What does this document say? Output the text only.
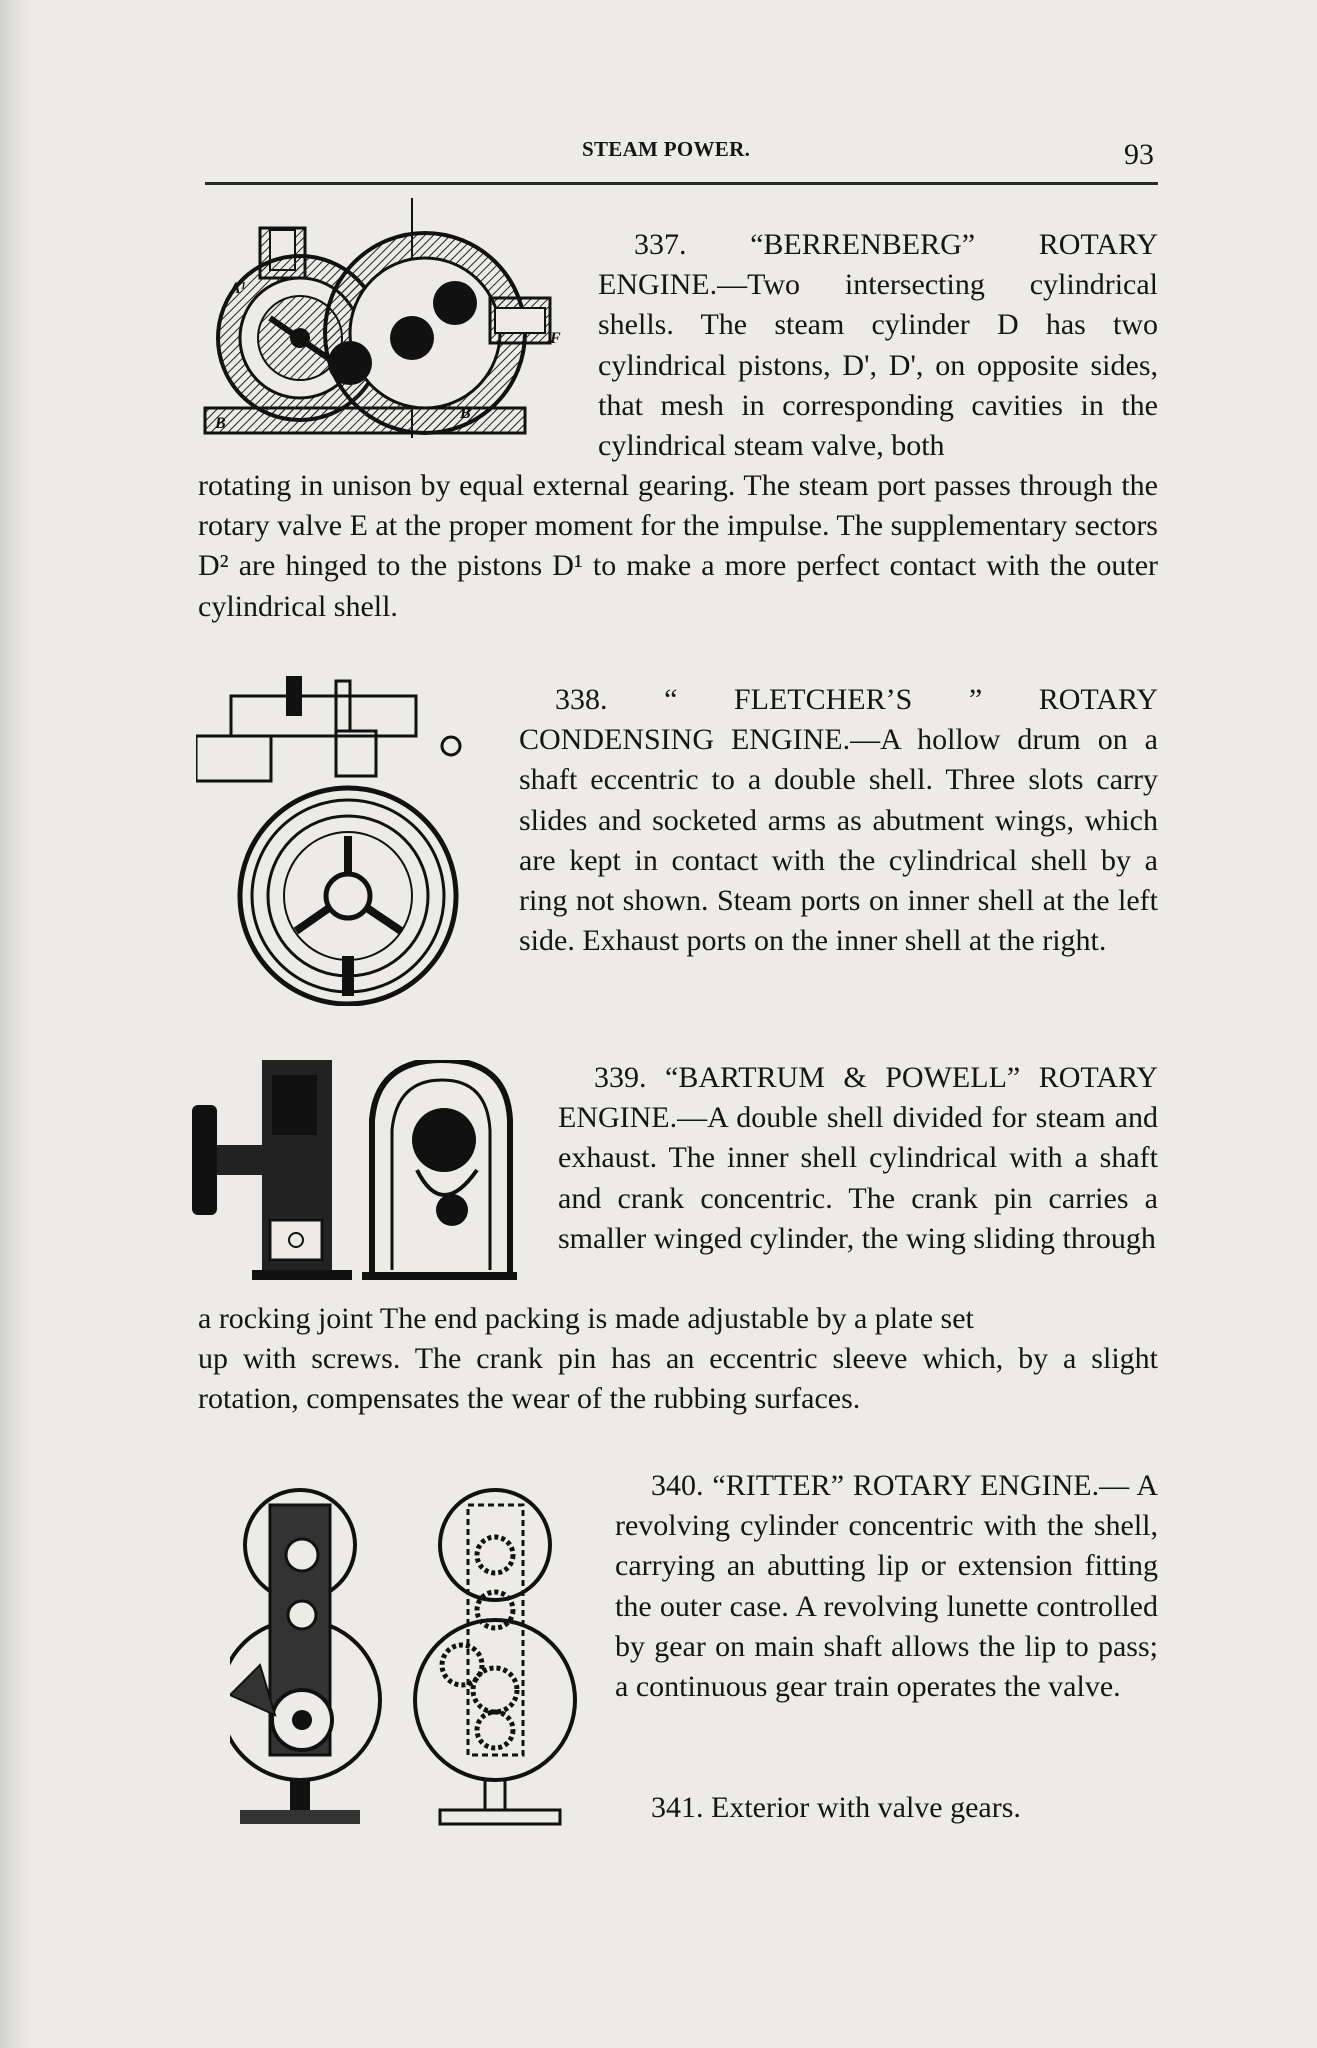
STEAM POWER.	93
A¹
B
B
F

337. “BERRENBERG” ROTARY ENGINE.—Two intersecting cylindrical shells. The steam cylinder D has two cylindrical pistons, D', D', on opposite sides, that mesh in corresponding cavities in the cylindrical steam valve, both

rotating in unison by equal external gearing. The steam port passes through the rotary valve E at the proper moment for the impulse. The supplementary sectors D² are hinged to the pistons D¹ to make a more perfect contact with the outer cylindrical shell.

338. “ FLETCHER’S ” ROTARY CONDENSING ENGINE.—A hollow drum on a shaft eccentric to a double shell. Three slots carry slides and socketed arms as abutment wings, which are kept in contact with the cylindrical shell by a ring not shown. Steam ports on inner shell at the left side. Exhaust ports on the inner shell at the right.

339. “BARTRUM & POWELL” ROTARY ENGINE.—A double shell divided for steam and exhaust. The inner shell cylindrical with a shaft and crank concentric. The crank pin carries a smaller winged cylinder, the wing sliding through

a rocking joint The end packing is made adjustable by a plate set

up with screws. The crank pin has an eccentric sleeve which, by a slight rotation, compensates the wear of the rubbing surfaces.

340. “RITTER” ROTARY ENGINE.— A revolving cylinder concentric with the shell, carrying an abutting lip or extension fitting the outer case. A revolving lunette controlled by gear on main shaft allows the lip to pass; a continuous gear train operates the valve.

341. Exterior with valve gears.
